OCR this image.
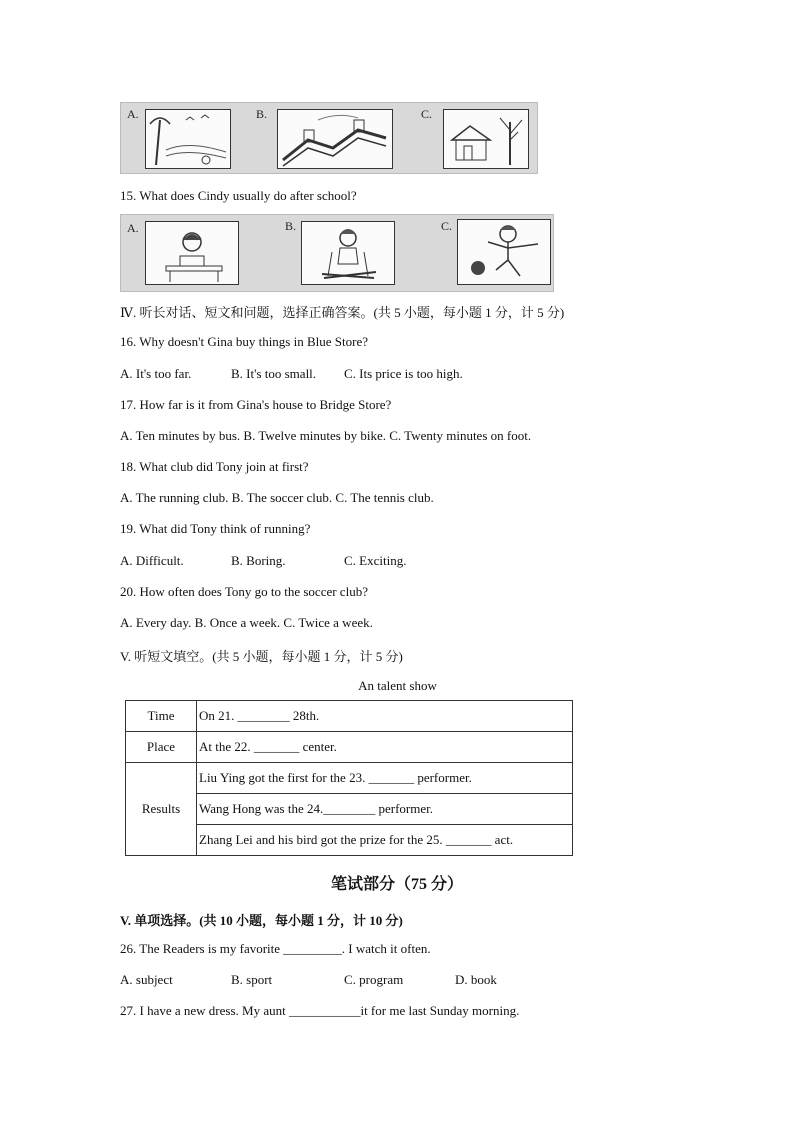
A.	B.	C.
15. What does Cindy usually do after school?
A.	B.	C.
Ⅳ. 听长对话、短文和问题，选择正确答案。(共 5 小题，每小题 1 分，计 5 分)
16. Why doesn't Gina buy things in Blue Store?
A. It's too far.	B. It's too small. C. Its price is too high.
17. How far is it from Gina's house to Bridge Store?
A. Ten minutes by bus. B. Twelve minutes by bike. C. Twenty minutes on foot.
18. What club did Tony join at first?
A. The running club. B. The soccer club. C. The tennis club.
19. What did Tony think of running?
A. Difficult.	B. Boring.	C. Exciting.
20. How often does Tony go to the soccer club?
A. Every day. B. Once a week. C. Twice a week.
V. 听短文填空。(共 5 小题，每小题 1 分，计 5 分)
An talent show
Time	On 21. ________ 28th.
Place	At the 22. _______ center.
Results	Liu Ying got the first for the 23. _______ performer.
	Wang Hong was the 24.________ performer.
	Zhang Lei and his bird got the prize for the 25. _______ act.
笔试部分（75 分）
V. 单项选择。(共 10 小题，每小题 1 分，计 10 分)
26. The Readers is my favorite _________. I watch it often.
A. subject	B. sport	C. program	D. book
27. I have a new dress. My aunt ___________it for me last Sunday morning.
